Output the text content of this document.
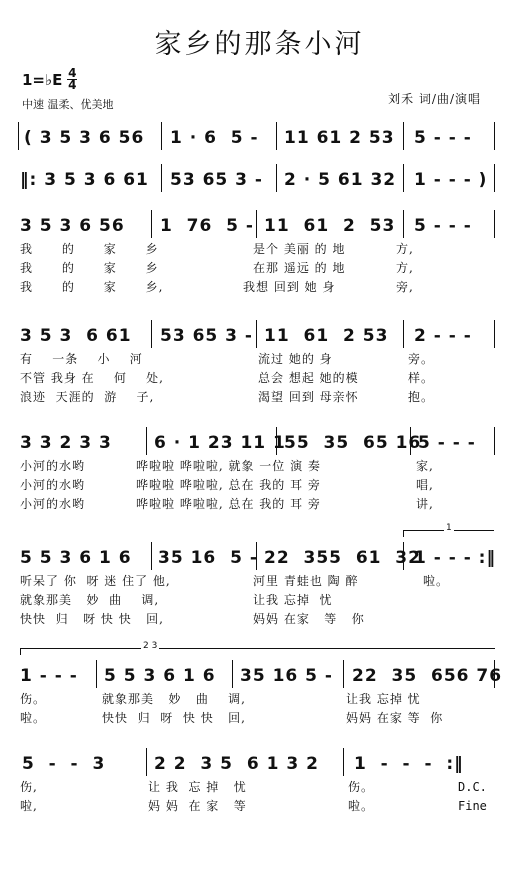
家乡的那条小河
1=♭E 4
4
中速 温柔、优美地	刘禾 词/曲/演唱

( 3 5 3 6 56

1 · 6  5 -

11 61 2 53

5 - - -

‖: 3 5 3 6 61

53 65 3 -

2 · 5 61 32

1 - - - )

3 5 3 6 56

1  76  5 -

11  61  2  53

5 - - -

我      的      家      乡	是个 美丽 的 地	方,
我      的      家      乡	在那 遥远 的 地	方,
我      的      家      乡,	我想 回到 她 身	旁,

3 5 3  6 61

53 65 3 -

11  61  2 53

2 - - -

有    一条    小    河	流过 她的 身	旁。
不管 我身 在    何    处,	总会 想起 她的模	样。
浪迹  天涯的  游    子,	渴望 回到 母亲怀	抱。

3 3 2 3 3

6 · 1 23 11 1

55  35  65 16

5 - - -

小河的水哟	哗啦啦 哗啦啦, 就象 一位 演 奏	家,
小河的水哟	哗啦啦 哗啦啦, 总在 我的 耳 旁	唱,
小河的水哟	哗啦啦 哗啦啦, 总在 我的 耳 旁	讲,
1

5 5 3 6 1 6

35 16  5 -

22  355  61  32

1 - - - :‖

听呆了 你  呀 迷 住了 他,	河里 青蛙也 陶 醉	啦。
就象那美   妙  曲    调,	让我 忘掉  忧
快快  归   呀 快 快   回,	妈妈 在家   等   你
2 3

1 - - -

5 5 3 6 1 6

35 16 5 -

22  35  656 76

伤。	就象那美   妙   曲    调,	让我 忘掉 忧
啦。	快快  归  呀  快 快   回,	妈妈 在家 等  你

5  -  -  3

	2 2  3 5  6 1 3 2

1  -  -  -  :‖

伤,	让 我  忘 掉   忧	伤。
啦,	妈 妈  在 家   等	啦。
D.C.
Fine
